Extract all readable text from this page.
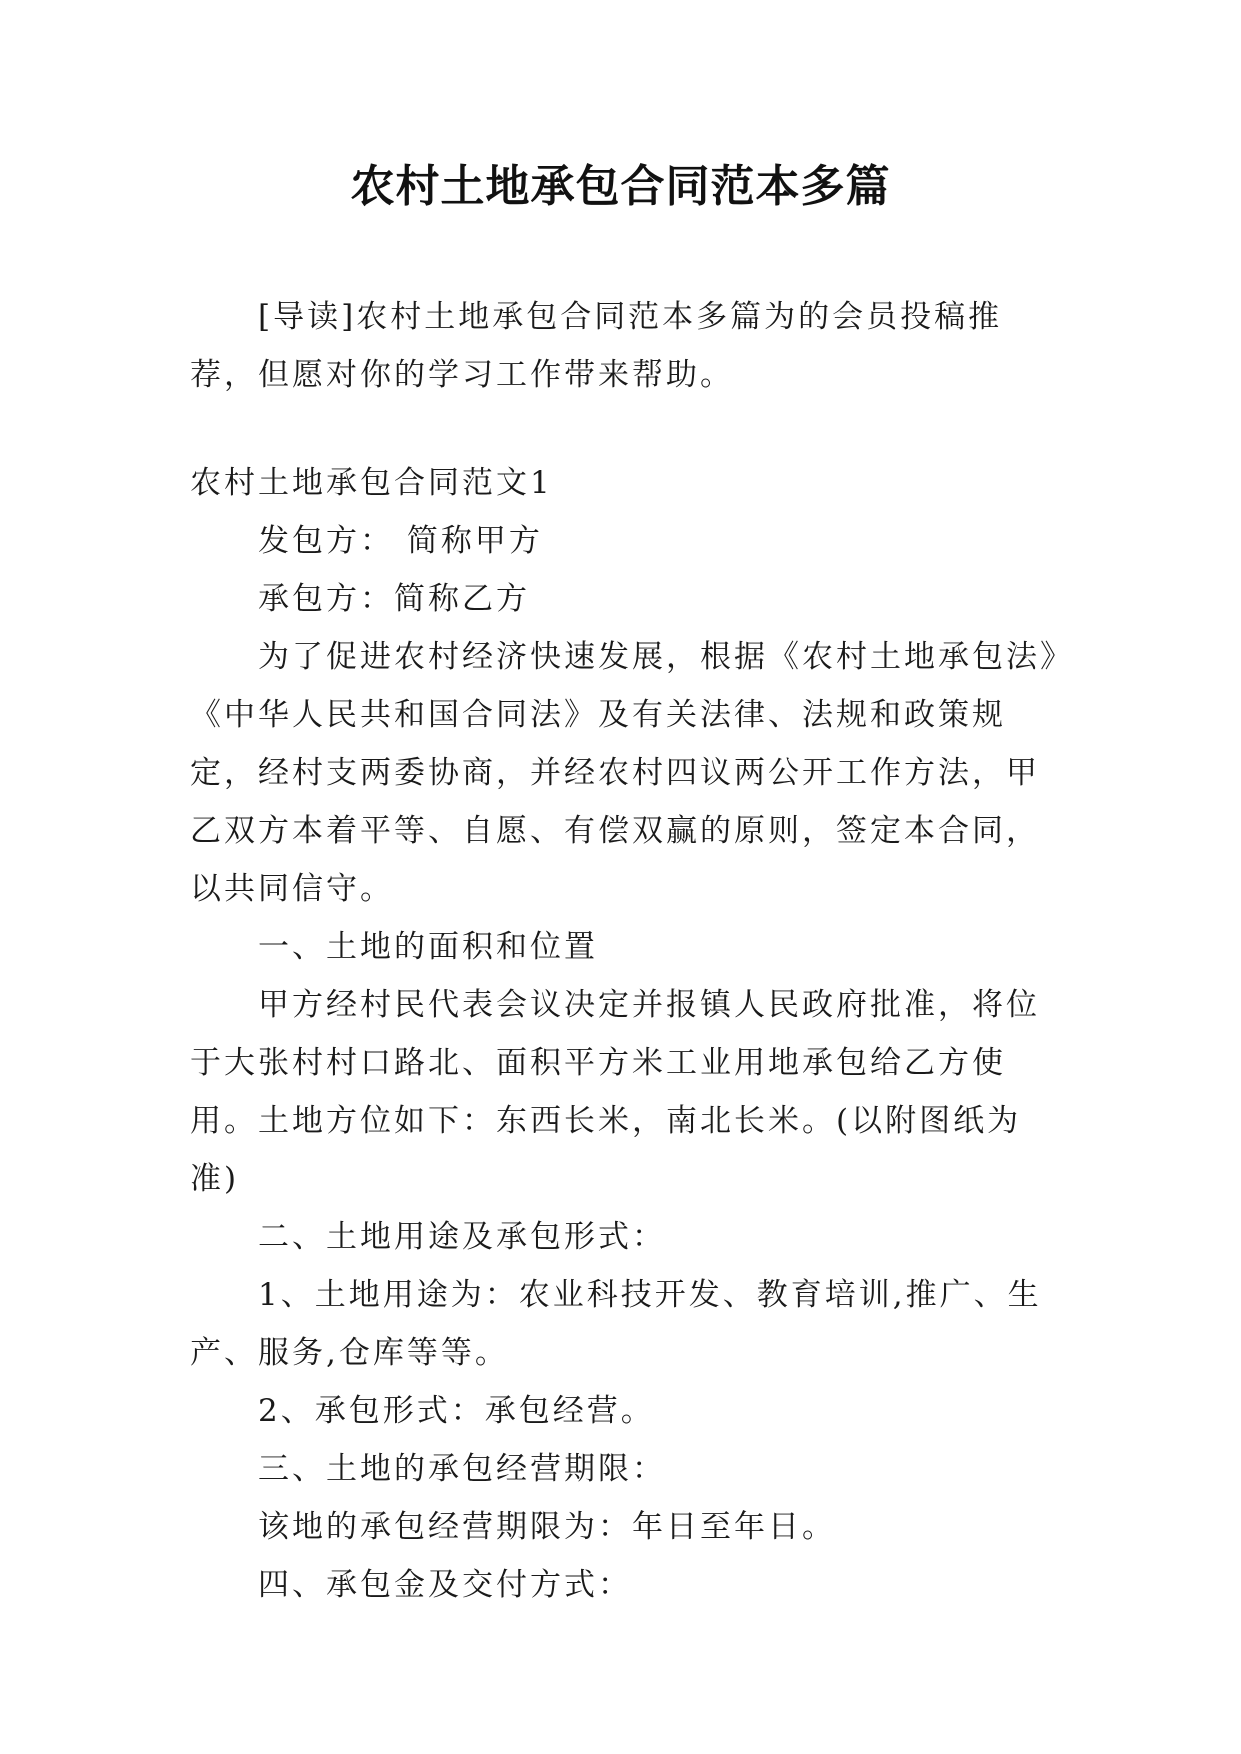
农村土地承包合同范本多篇

[导读]农村土地承包合同范本多篇为的会员投稿推荐，但愿对你的学习工作带来帮助。

农村土地承包合同范文1

发包方： 简称甲方

承包方：简称乙方

为了促进农村经济快速发展，根据《农村土地承包法》《中华人民共和国合同法》及有关法律、法规和政策规定，经村支两委协商，并经农村四议两公开工作方法，甲乙双方本着平等、自愿、有偿双赢的原则，签定本合同，以共同信守。

一、土地的面积和位置

甲方经村民代表会议决定并报镇人民政府批准，将位于大张村村口路北、面积平方米工业用地承包给乙方使用。土地方位如下：东西长米，南北长米。(以附图纸为准)

二、土地用途及承包形式：

1、土地用途为：农业科技开发、教育培训,推广、生产、服务,仓库等等。

2、承包形式：承包经营。

三、土地的承包经营期限：

该地的承包经营期限为：年日至年日。

四、承包金及交付方式：
